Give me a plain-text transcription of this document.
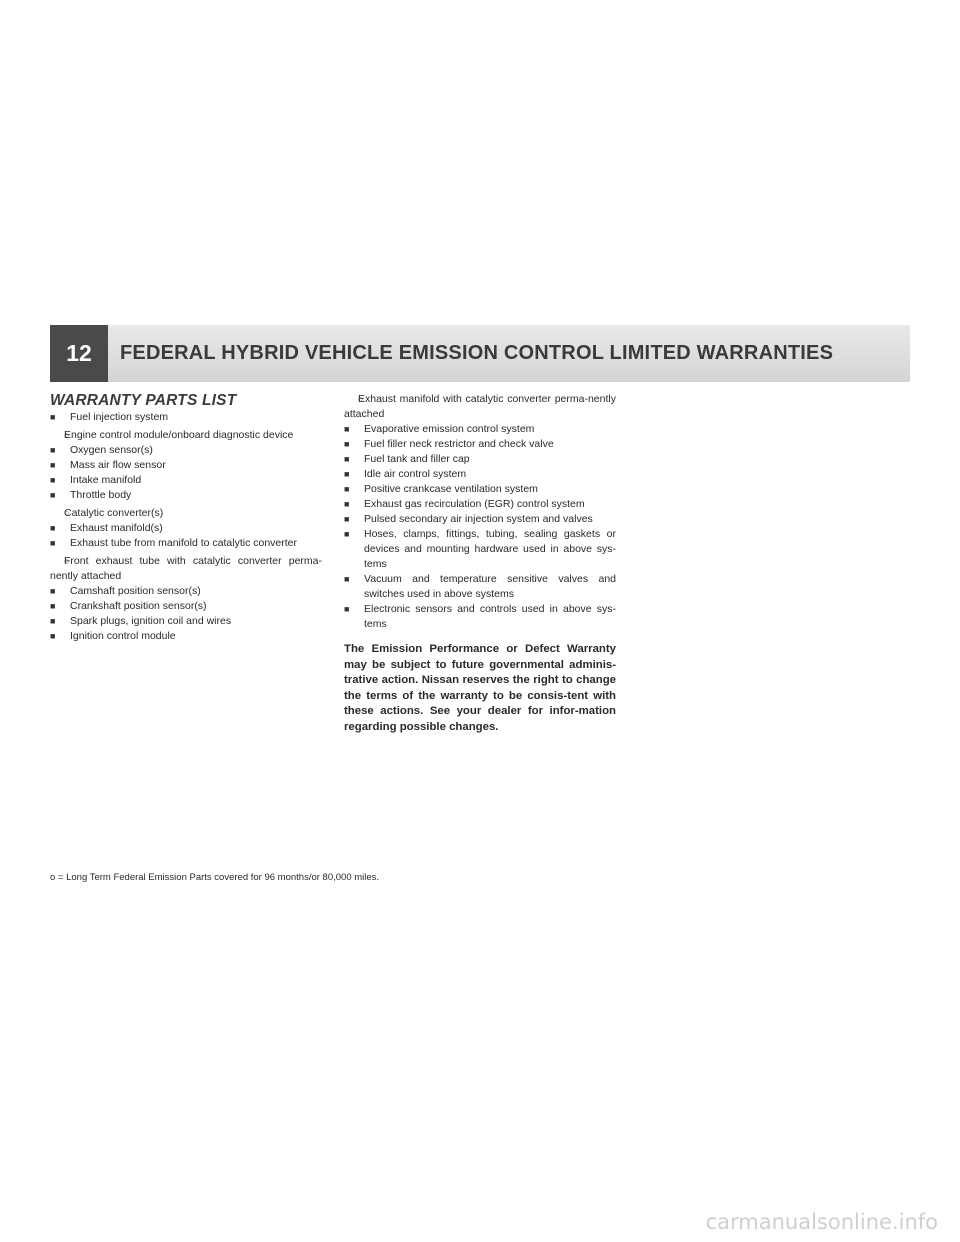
12	FEDERAL HYBRID VEHICLE EMISSION CONTROL LIMITED WARRANTIES
WARRANTY PARTS LIST
■ Fuel injection system
○ Engine control module/onboard diagnostic device
■ Oxygen sensor(s)
■ Mass air flow sensor
■ Intake manifold
■ Throttle body
○ Catalytic converter(s)
■ Exhaust manifold(s)
■ Exhaust tube from manifold to catalytic converter
○ Front exhaust tube with catalytic converter perma-nently attached
■ Camshaft position sensor(s)
■ Crankshaft position sensor(s)
■ Spark plugs, ignition coil and wires
■ Ignition control module
○ Exhaust manifold with catalytic converter perma-nently attached
■ Evaporative emission control system
■ Fuel filler neck restrictor and check valve
■ Fuel tank and filler cap
■ Idle air control system
■ Positive crankcase ventilation system
■ Exhaust gas recirculation (EGR) control system
■ Pulsed secondary air injection system and valves
■ Hoses, clamps, fittings, tubing, sealing gaskets or devices and mounting hardware used in above sys-tems
■ Vacuum and temperature sensitive valves and switches used in above systems
■ Electronic sensors and controls used in above sys-tems
The Emission Performance or Defect Warranty may be subject to future governmental adminis-trative action. Nissan reserves the right to change the terms of the warranty to be consis-tent with these actions. See your dealer for infor-mation regarding possible changes.
o = Long Term Federal Emission Parts covered for 96 months/or 80,000 miles.
carmanualsonline.info
